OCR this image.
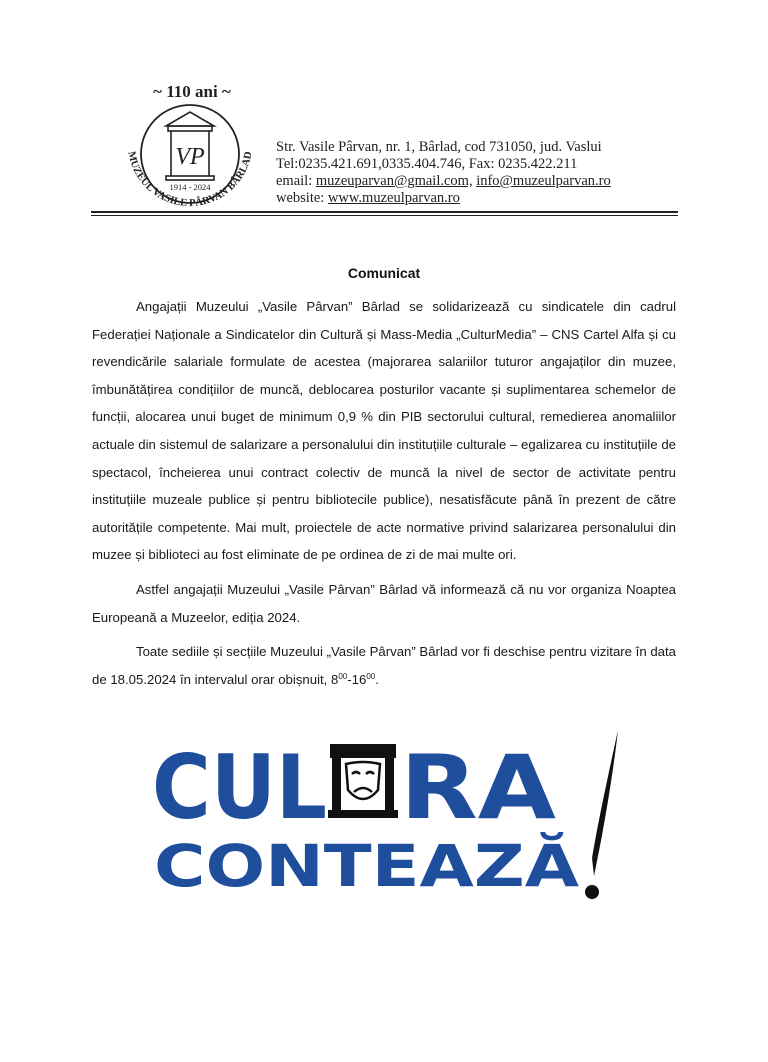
~ 110 ani ~
MUZEUL VASILE PÂRVAN BÂRLAD
VP
1914 - 2024
Str. Vasile Pârvan, nr. 1, Bârlad, cod 731050, jud. Vaslui
Tel:0235.421.691,0335.404.746, Fax: 0235.422.211
email: muzeuparvan@gmail.com, info@muzeulparvan.ro
website: www.muzeulparvan.ro
Comunicat

Angajații Muzeului „Vasile Pârvan” Bârlad se solidarizează cu sindicatele din cadrul Federației Naționale a Sindicatelor din Cultură și Mass-Media „CulturMedia” – CNS Cartel Alfa și cu revendicările salariale formulate de acestea (majorarea salariilor tuturor angajaților din muzee, îmbunătățirea condițiilor de muncă, deblocarea posturilor vacante și suplimentarea schemelor de funcții, alocarea unui buget de minimum 0,9 % din PIB sectorului cultural, remedierea anomaliilor actuale din sistemul de salarizare a personalului din instituțiile culturale – egalizarea cu instituțiile de spectacol, încheierea unui contract colectiv de muncă la nivel de sector de activitate pentru instituțiile muzeale publice și pentru bibliotecile publice), nesatisfăcute până în prezent de către autoritățile competente. Mai mult, proiectele de acte normative privind salarizarea personalului din muzee și biblioteci au fost eliminate de pe ordinea de zi de mai multe ori.

Astfel angajații Muzeului „Vasile Pârvan” Bârlad vă informează că nu vor organiza Noaptea Europeană a Muzeelor, ediția 2024.

Toate sediile și secțiile Muzeului „Vasile Pârvan” Bârlad vor fi deschise pentru vizitare în data de 18.05.2024 în intervalul orar obișnuit, $8^{00}-16^{00}$.

CUL RA
CONTEAZĂ
